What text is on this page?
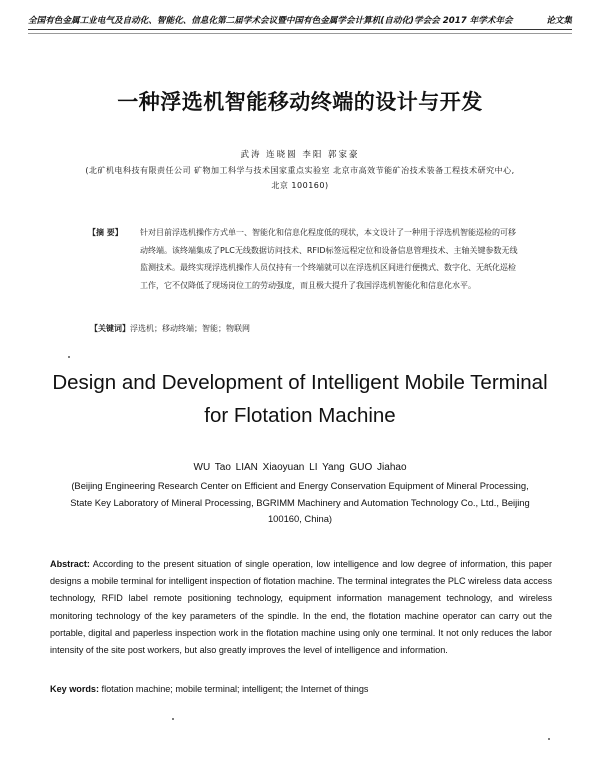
全国有色金属工业电气及自动化、智能化、信息化第二届学术会议暨中国有色金属学会计算机(自动化)学会会 2017 年学术年会	论文集
一种浮选机智能移动终端的设计与开发
武涛 连晓圆 李阳 郭家豪
(北矿机电科技有限责任公司 矿物加工科学与技术国家重点实验室 北京市高效节能矿冶技术装备工程技术研究中心,
北京 100160)
【摘 要】	针对目前浮选机操作方式单一、智能化和信息化程度低的现状，本文设计了一种用于浮选机智能巡检的可移动终端。该终端集成了PLC无线数据访问技术、RFID标签远程定位和设备信息管理技术、主轴关键参数无线监测技术。最终实现浮选机操作人员仅持有一个终端就可以在浮选机区间进行便携式、数字化、无纸化巡检工作，它不仅降低了现场岗位工的劳动强度，而且极大提升了我国浮选机智能化和信息化水平。
【关键词】浮选机；移动终端；智能；物联网
Design and Development of Intelligent Mobile Terminal
for Flotation Machine
WU Tao LIAN Xiaoyuan LI Yang GUO Jiahao
(Beijing Engineering Research Center on Efficient and Energy Conservation Equipment of Mineral Processing,
State Key Laboratory of Mineral Processing, BGRIMM Machinery and Automation Technology Co., Ltd., Beijing
100160, China)
Abstract: According to the present situation of single operation, low intelligence and low degree of information, this paper designs a mobile terminal for intelligent inspection of flotation machine. The terminal integrates the PLC wireless data access technology, RFID label remote positioning technology, equipment information management technology, and wireless monitoring technology of the key parameters of the spindle. In the end, the flotation machine operator can carry out the portable, digital and paperless inspection work in the flotation machine using only one terminal. It not only reduces the labor intensity of the site post workers, but also greatly improves the level of intelligence and information.
Key words: flotation machine; mobile terminal; intelligent; the Internet of things
